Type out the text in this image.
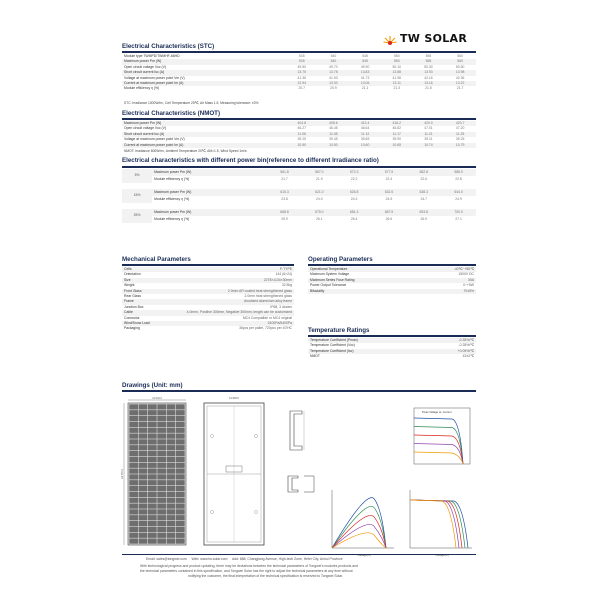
TW SOLAR
Electrical Characteristics (STC)
Module type TWMPD/TWMHF-66HD	535	540	545	550	555	560
Maximum power Pm (W)	535	540	545	550	555	560
Open circuit voltage Voc (V)	49.50	49.70	49.90	50.10	50.30	50.50
Short circuit current Isc (A)	13.75	13.78	13.83	13.88	13.93	13.98
Voltage at maximum power point Vm (V)	41.36	41.53	41.73	41.96	42.16	42.36
Current at maximum power point Im (A)	12.94	13.00	13.06	13.11	13.16	13.22
Module efficiency η (%)	20.7	20.9	21.1	21.3	21.5	21.7
STC: Irradiance 1000W/m², Cell Temperature 25℃, Air Mass 1.5, Measuring tolerance: ±3%
Electrical Characteristics (NMOT)
Maximum power Pm (W)	404.8	408.6	412.4	416.2	420.0	423.7
Open circuit voltage Voc (V)	46.27	46.45	46.64	46.82	47.01	47.20
Short circuit current Isc (A)	11.06	11.08	11.12	11.17	11.21	11.25
Voltage at maximum power point Vm (V)	39.25	39.45	39.65	39.90	39.11	39.25
Current at maximum power point Im (A)	10.50	10.50	10.60	10.65	10.74	10.79
NMOT: Irradiance 800W/m², Ambient Temperature 20℃, AM=1.5, Wind Speed 1m/s
Electrical characteristics with different power bin(reference to different Irradiance ratio)
5%	Maximum power Pm (W)	561.8	567.0	572.3	577.5	582.8	588.0
	Module efficiency η (%)	21.7	21.9	22.2	22.4	22.6	22.8

15%	Maximum power Pm (W)	615.3	621.0	626.8	632.5	638.3	644.0
	Module efficiency η (%)	23.8	24.0	24.3	24.5	24.7	24.9

25%	Maximum power Pm (W)	668.8	675.0	681.3	687.5	693.8	700.0
	Module efficiency η (%)	25.9	26.1	26.4	26.6	26.9	27.1

Mechanical Parameters
Cells	P-TYPE
Orientation	144 (6×24)
Size	2278×1134×30mm
Weight	32.5kg
Front Glass	2.0mm AR coated heat strengthened glass
Rear Glass	2.0mm heat strengthened glass
Frame	Anodized aluminium alloy frame
Junction Box	IP68, 3 diodes
Cable	4.0mm², Positive 300mm, Negative 300mm, length can be customized
Connector	MC4 Compatible or MC4 original
Wind/Snow Load	2400Pa/5400Pa
Packaging	36pcs per pallet, 720pcs per 40'HC
Operating Parameters
Operational Temperature	-40℃~+85℃
Maximum System Voltage	1500V DC
Maximum Series Fuse Rating	30A
Power Output Tolerance	0~+5W
Bifaciality	70±5%
Temperature Ratings
Temperature Coefficient (Pmax)	-0.35%/℃
Temperature Coefficient (Voc)	-0.28%/℃
Temperature Coefficient (Isc)	+0.05%/℃
NMOT	43±2℃
Drawings (Unit: mm)
1134±2
2278±2
1048±2
Pmax Voltage vs. Current
Voltage(V)	Voltage(V)
Email: sales@tongwei.com Web: www.tw-solar.com Add: 888, Changjiang Avenue, High-tech Zone, Hefei City, Anhui Province
With technological progress and product updating, there may be deviations between the technical parameters of Tongwei's modules products and
the technical parameters contained in this specification, and Tongwei Solar has the right to adjust the technical parameters at any time without
notifying the customer, the final interpretation of the technical specification is reserved to Tongwei Solar.
